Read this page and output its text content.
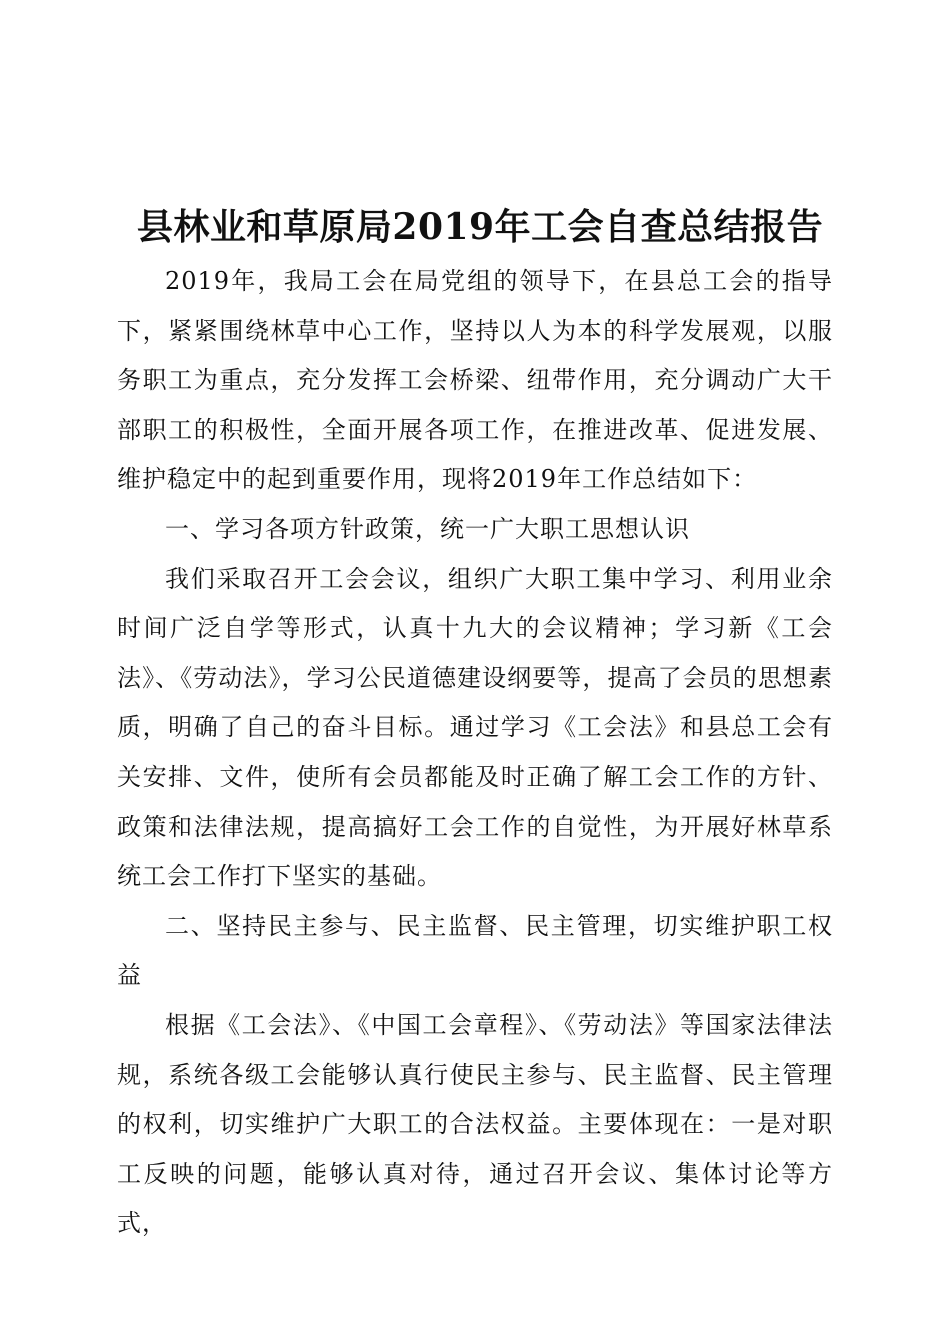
县林业和草原局2019年工会自查总结报告

2019年，我局工会在局党组的领导下，在县总工会的指导下，紧紧围绕林草中心工作，坚持以人为本的科学发展观，以服务职工为重点，充分发挥工会桥梁、纽带作用，充分调动广大干部职工的积极性，全面开展各项工作，在推进改革、促进发展、维护稳定中的起到重要作用，现将2019年工作总结如下：

一、学习各项方针政策，统一广大职工思想认识

我们采取召开工会会议，组织广大职工集中学习、利用业余时间广泛自学等形式，认真十九大的会议精神；学习新《工会法》、《劳动法》，学习公民道德建设纲要等，提高了会员的思想素质，明确了自己的奋斗目标。通过学习《工会法》和县总工会有关安排、文件，使所有会员都能及时正确了解工会工作的方针、政策和法律法规，提高搞好工会工作的自觉性，为开展好林草系统工会工作打下坚实的基础。

二、坚持民主参与、民主监督、民主管理，切实维护职工权益

根据《工会法》、《中国工会章程》、《劳动法》等国家法律法规，系统各级工会能够认真行使民主参与、民主监督、民主管理的权利，切实维护广大职工的合法权益。主要体现在：一是对职工反映的问题，能够认真对待，通过召开会议、集体讨论等方式，
